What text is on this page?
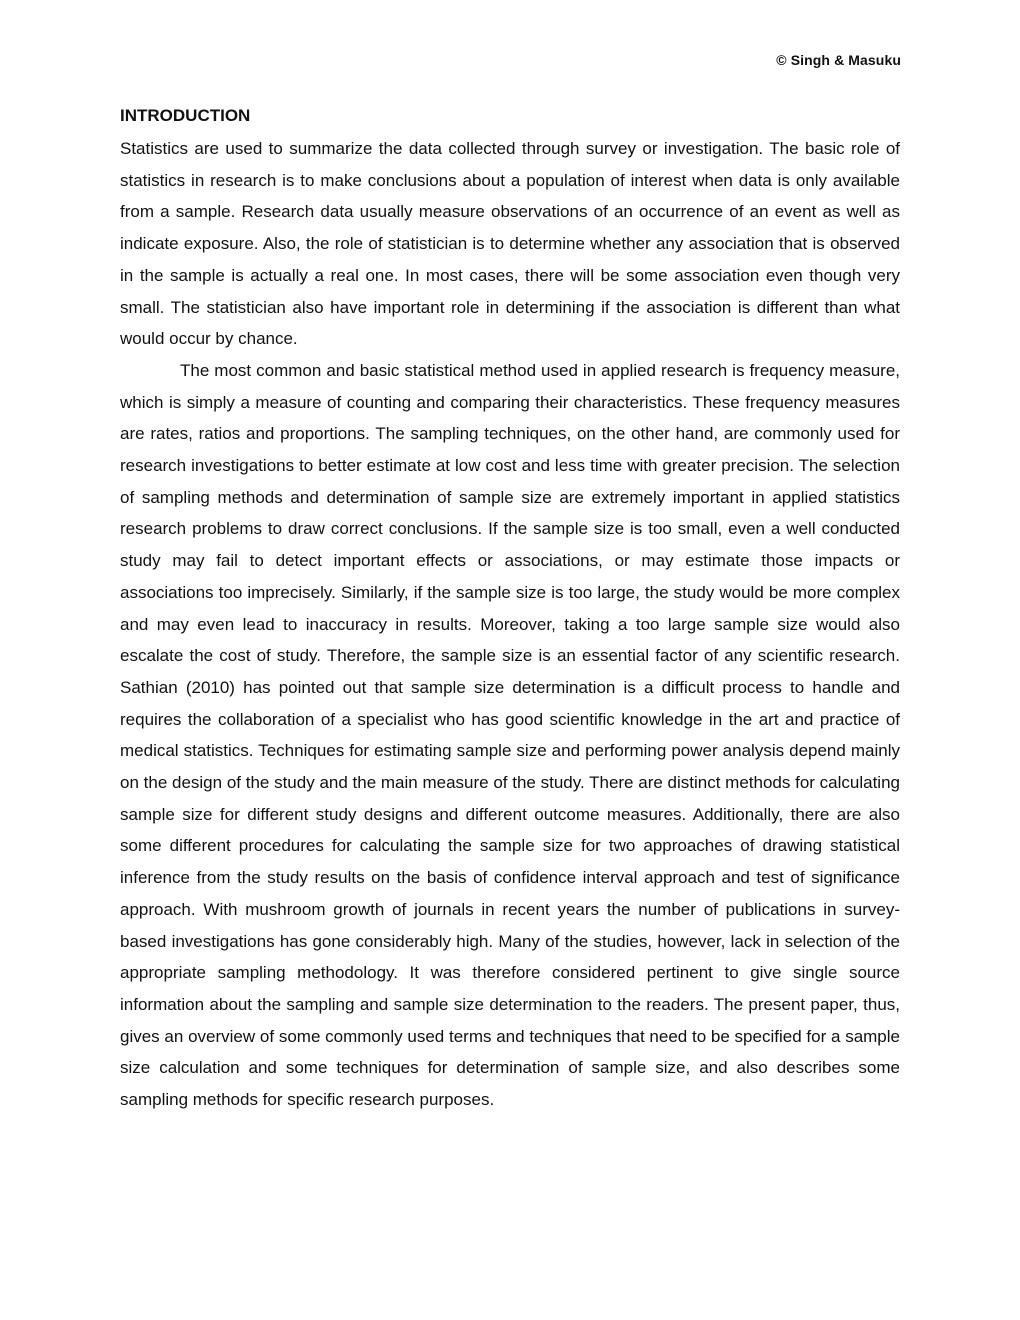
© Singh & Masuku
INTRODUCTION

Statistics are used to summarize the data collected through survey or investigation. The basic role of statistics in research is to make conclusions about a population of interest when data is only available from a sample. Research data usually measure observations of an occurrence of an event as well as indicate exposure. Also, the role of statistician is to determine whether any association that is observed in the sample is actually a real one. In most cases, there will be some association even though very small. The statistician also have important role in determining if the association is different than what would occur by chance.

The most common and basic statistical method used in applied research is frequency measure, which is simply a measure of counting and comparing their characteristics. These frequency measures are rates, ratios and proportions. The sampling techniques, on the other hand, are commonly used for research investigations to better estimate at low cost and less time with greater precision. The selection of sampling methods and determination of sample size are extremely important in applied statistics research problems to draw correct conclusions. If the sample size is too small, even a well conducted study may fail to detect important effects or associations, or may estimate those impacts or associations too imprecisely. Similarly, if the sample size is too large, the study would be more complex and may even lead to inaccuracy in results. Moreover, taking a too large sample size would also escalate the cost of study. Therefore, the sample size is an essential factor of any scientific research. Sathian (2010) has pointed out that sample size determination is a difficult process to handle and requires the collaboration of a specialist who has good scientific knowledge in the art and practice of medical statistics. Techniques for estimating sample size and performing power analysis depend mainly on the design of the study and the main measure of the study. There are distinct methods for calculating sample size for different study designs and different outcome measures. Additionally, there are also some different procedures for calculating the sample size for two approaches of drawing statistical inference from the study results on the basis of confidence interval approach and test of significance approach. With mushroom growth of journals in recent years the number of publications in survey-based investigations has gone considerably high. Many of the studies, however, lack in selection of the appropriate sampling methodology. It was therefore considered pertinent to give single source information about the sampling and sample size determination to the readers. The present paper, thus, gives an overview of some commonly used terms and techniques that need to be specified for a sample size calculation and some techniques for determination of sample size, and also describes some sampling methods for specific research purposes.
